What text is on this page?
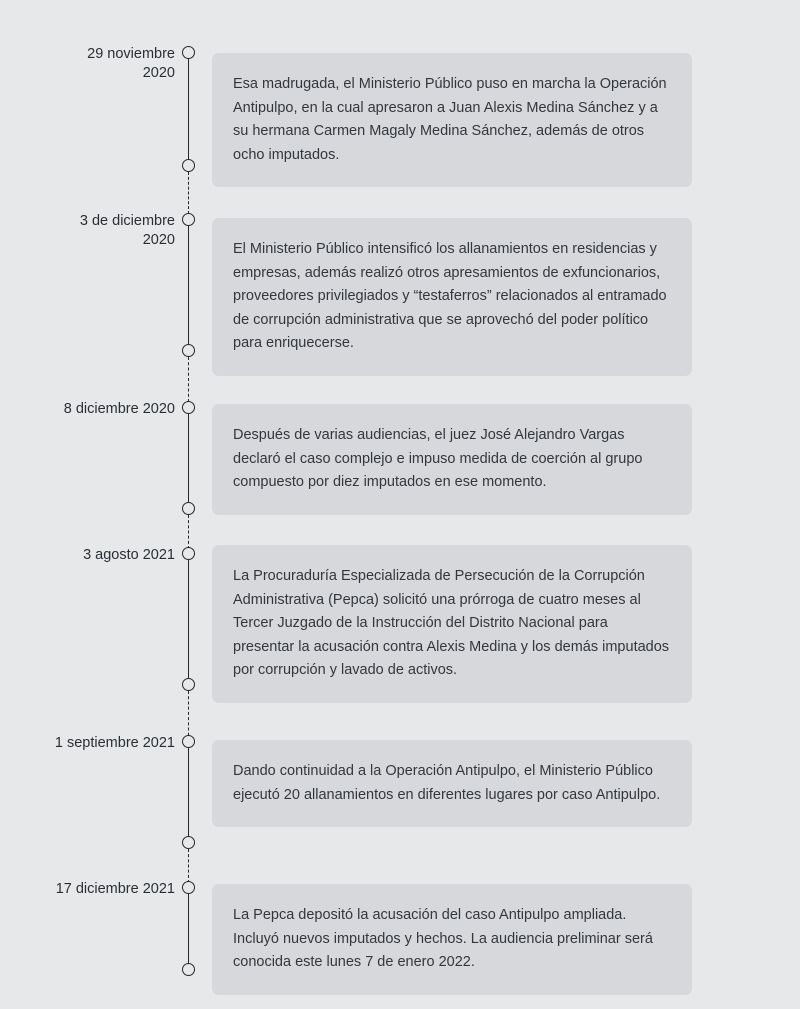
29 noviembre
2020

Esa madrugada, el Ministerio Público puso en marcha la Operación Antipulpo, en la cual apresaron a Juan Alexis Medina Sánchez y a su hermana Carmen Magaly Medina Sánchez, además de otros ocho imputados.

3 de diciembre
2020

El Ministerio Público intensificó los allanamientos en residencias y empresas, además realizó otros apresamientos de exfuncionarios, proveedores privilegiados y “testaferros” relacionados al entramado de corrupción administrativa que se aprovechó del poder político para enriquecerse.

8 diciembre 2020

Después de varias audiencias, el juez José Alejandro Vargas declaró el caso complejo e impuso medida de coerción al grupo compuesto por diez imputados en ese momento.

3 agosto 2021

La Procuraduría Especializada de Persecución de la Corrupción Administrativa (Pepca) solicitó una prórroga de cuatro meses al Tercer Juzgado de la Instrucción del Distrito Nacional para presentar la acusación contra Alexis Medina y los demás imputados por corrupción y lavado de activos.

1 septiembre 2021

Dando continuidad a la Operación Antipulpo, el Ministerio Público ejecutó 20 allanamientos en diferentes lugares por caso Antipulpo.

17 diciembre 2021

La Pepca depositó la acusación del caso Antipulpo ampliada. Incluyó nuevos imputados y hechos. La audiencia preliminar será conocida este lunes 7 de enero 2022.
